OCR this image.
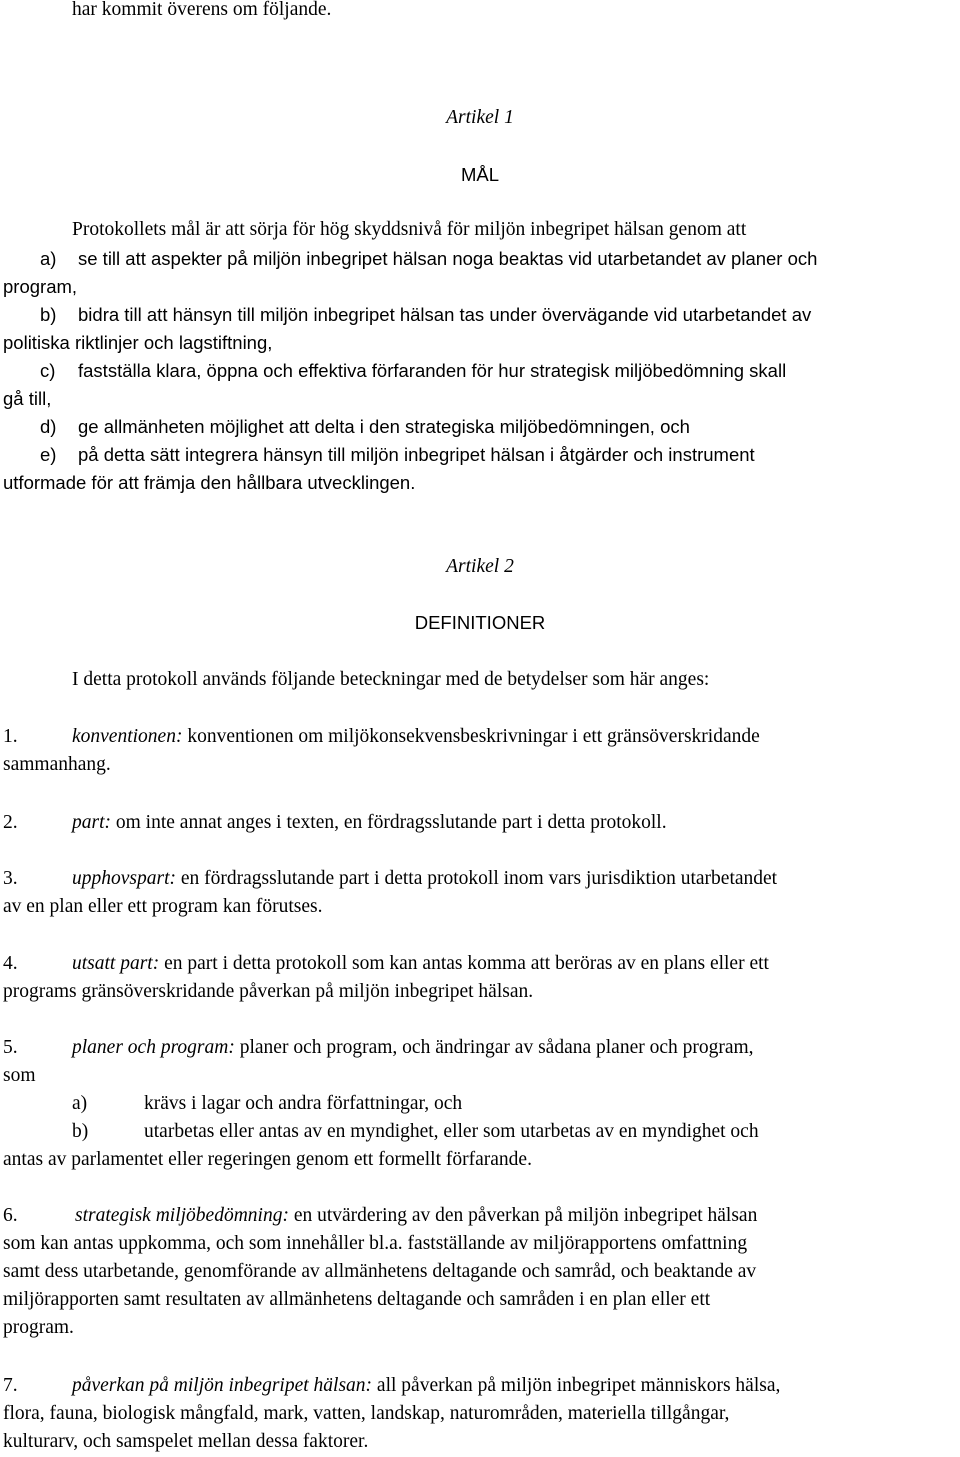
har kommit överens om följande.
Artikel 1
MÅL
Protokollets mål är att sörja för hög skyddsnivå för miljön inbegripet hälsan genom att
a) se till att aspekter på miljön inbegripet hälsan noga beaktas vid utarbetandet av planer och
program,
b) bidra till att hänsyn till miljön inbegripet hälsan tas under övervägande vid utarbetandet av
politiska riktlinjer och lagstiftning,
c) fastställa klara, öppna och effektiva förfaranden för hur strategisk miljöbedömning skall
gå till,
d) ge allmänheten möjlighet att delta i den strategiska miljöbedömningen, och
e) på detta sätt integrera hänsyn till miljön inbegripet hälsan i åtgärder och instrument
utformade för att främja den hållbara utvecklingen.
Artikel 2
DEFINITIONER
I detta protokoll används följande beteckningar med de betydelser som här anges:
1.	konventionen: konventionen om miljökonsekvensbeskrivningar i ett gränsöverskridande
sammanhang.
2.	part: om inte annat anges i texten, en fördragsslutande part i detta protokoll.
3.	upphovspart: en fördragsslutande part i detta protokoll inom vars jurisdiktion utarbetandet
av en plan eller ett program kan förutses.
4.	utsatt part: en part i detta protokoll som kan antas komma att beröras av en plans eller ett
programs gränsöverskridande påverkan på miljön inbegripet hälsan.
5.	planer och program: planer och program, och ändringar av sådana planer och program,
som
a)	krävs i lagar och andra författningar, och
b)	utarbetas eller antas av en myndighet, eller som utarbetas av en myndighet och
antas av parlamentet eller regeringen genom ett formellt förfarande.
6.	strategisk miljöbedömning: en utvärdering av den påverkan på miljön inbegripet hälsan
som kan antas uppkomma, och som innehåller bl.a. fastställande av miljörapportens omfattning
samt dess utarbetande, genomförande av allmänhetens deltagande och samråd, och beaktande av
miljörapporten samt resultaten av allmänhetens deltagande och samråden i en plan eller ett
program.
7.	påverkan på miljön inbegripet hälsan: all påverkan på miljön inbegripet människors hälsa,
flora, fauna, biologisk mångfald, mark, vatten, landskap, naturområden, materiella tillgångar,
kulturarv, och samspelet mellan dessa faktorer.
